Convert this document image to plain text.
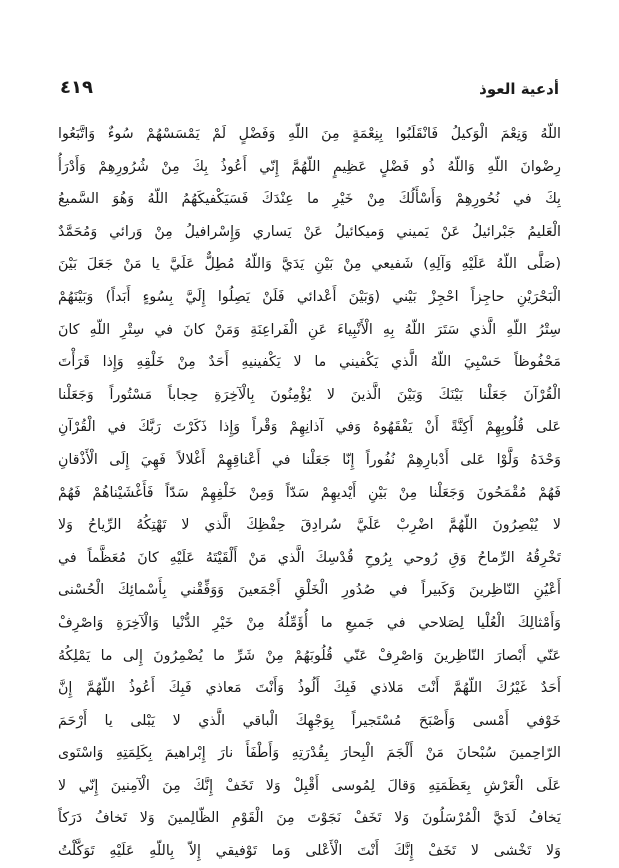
أدعية العوذ
٤١٩
اللّهُ وَنِعْمَ الْوَكيلُ فَانْقَلَبُوا بِنِعْمَةٍ مِنَ اللّهِ وَفَضْلٍ لَمْ يَمْسَسْهُمْ سُوءٌ وَاتَّبَعُوا
رِضْوانَ اللّهِ وَاللّهُ ذُو فَضْلٍ عَظِيمٍ اللّهُمَّ إِنّي أَعُوذُ بِكَ مِنْ شُرُورِهِمْ وَأَدْرَأُ
بِكَ في نُحُورِهِمْ وَأَسْأَلُكَ مِنْ خَيْرِ ما عِنْدَكَ فَسَيَكْفيكَهُمُ اللّهُ وَهُوَ السَّميعُ
الْعَليمُ جَبْرائيلُ عَنْ يَميني وَميكائيلُ عَنْ يَساري وَإِسْرافيلُ مِنْ وَرائي وَمُحَمَّدٌ
(صَلَّى اللّهُ عَلَيْهِ وَآلِهِ) شَفيعي مِنْ بَيْنِ يَدَيَّ وَاللّهُ مُطِلٌّ عَلَيَّ يا مَنْ جَعَلَ بَيْنَ
الْبَحْرَيْنِ حاجِزاً احْجِزْ بَيْني (وَبَيْنَ أَعْدائي فَلَنْ يَصِلُوا إِلَيَّ بِسُوءٍ أَبَداً) وَبَيْنَهُمْ
سِتْرُ اللّهِ الَّذي سَتَرَ اللّهُ بِهِ الْأَنْبِياءَ عَنِ الْفَراعِنَةِ وَمَنْ كانَ في سِتْرِ اللّهِ كانَ
مَحْفُوظاً حَسْبِيَ اللّهُ الَّذي يَكْفيني ما لا يَكْفينيهِ أَحَدٌ مِنْ خَلْقِهِ وَإِذا قَرَأْتَ
الْقُرْآنَ جَعَلْنا بَيْنَكَ وَبَيْنَ الَّذينَ لا يُؤْمِنُونَ بِالْآخِرَةِ حِجاباً مَسْتُوراً وَجَعَلْنا
عَلى قُلُوبِهِمْ أَكِنَّةً أَنْ يَفْقَهُوهُ وَفي آذانِهِمْ وَقْراً وَإِذا ذَكَرْتَ رَبَّكَ في الْقُرْآنِ
وَحْدَهُ وَلَّوْا عَلى أَدْبارِهِمْ نُفُوراً إِنّا جَعَلْنا في أَعْناقِهِمْ أَغْلالاً فَهِيَ إِلَى الْأَذْقانِ
فَهُمْ مُقْمَحُونَ وَجَعَلْنا مِنْ بَيْنِ أَيْديهِمْ سَدّاً وَمِنْ خَلْفِهِمْ سَدّاً فَأَغْشَيْناهُمْ فَهُمْ
لا يُبْصِرُونَ اللّهُمَّ اضْرِبْ عَلَيَّ سُرادِقَ حِفْظِكَ الَّذي لا تَهْتِكُهُ الرِّياحُ وَلا
تَخْرِقُهُ الرِّماحُ وَقِ رُوحي بِرُوحِ قُدْسِكَ الَّذي مَنْ أَلْقَيْتَهُ عَلَيْهِ كانَ مُعَظَّماً في
أَعْيُنِ النّاظِرينَ وَكَبيراً في صُدُورِ الْخَلْقِ أَجْمَعينَ وَوَفِّقْني بِأَسْمائِكَ الْحُسْنى
وَأَمْثالِكَ الْعُلْيا لِصَلاحي في جَميعِ ما أُؤَمِّلُهُ مِنْ خَيْرِ الدُّنْيا وَالْآخِرَةِ وَاصْرِفْ
عَنّي أَبْصارَ النّاظِرينَ وَاصْرِفْ عَنّي قُلُوبَهُمْ مِنْ شَرِّ ما يُضْمِرُونَ إِلى ما يَمْلِكُهُ
أَحَدٌ غَيْرُكَ اللّهُمَّ أَنْتَ مَلاذي فَبِكَ أَلُوذُ وَأَنْتَ مَعاذي فَبِكَ أَعُوذُ اللّهُمَّ إِنَّ
خَوْفي أَمْسى وَأَصْبَحَ مُسْتَجيراً بِوَجْهِكَ الْباقي الَّذي لا يَبْلى يا أَرْحَمَ
الرّاحِمينَ سُبْحانَ مَنْ أَلْجَمَ الْبِحارَ بِقُدْرَتِهِ وَأَطْفَأَ نارَ إِبْراهيمَ بِكَلِمَتِهِ وَاسْتَوى
عَلَى الْعَرْشِ بِعَظَمَتِهِ وَقالَ لِمُوسى أَقْبِلْ وَلا تَخَفْ إِنَّكَ مِنَ الْآمِنينَ إِنّي لا
يَخافُ لَدَيَّ الْمُرْسَلُونَ وَلا تَخَفْ نَجَوْتَ مِنَ الْقَوْمِ الظّالِمينَ وَلا تَخافُ دَرَكاً
وَلا تَخْشى لا تَخَفْ إِنَّكَ أَنْتَ الْأَعْلى وَما تَوْفيقي إِلاّ بِاللّهِ عَلَيْهِ تَوَكَّلْتُ
